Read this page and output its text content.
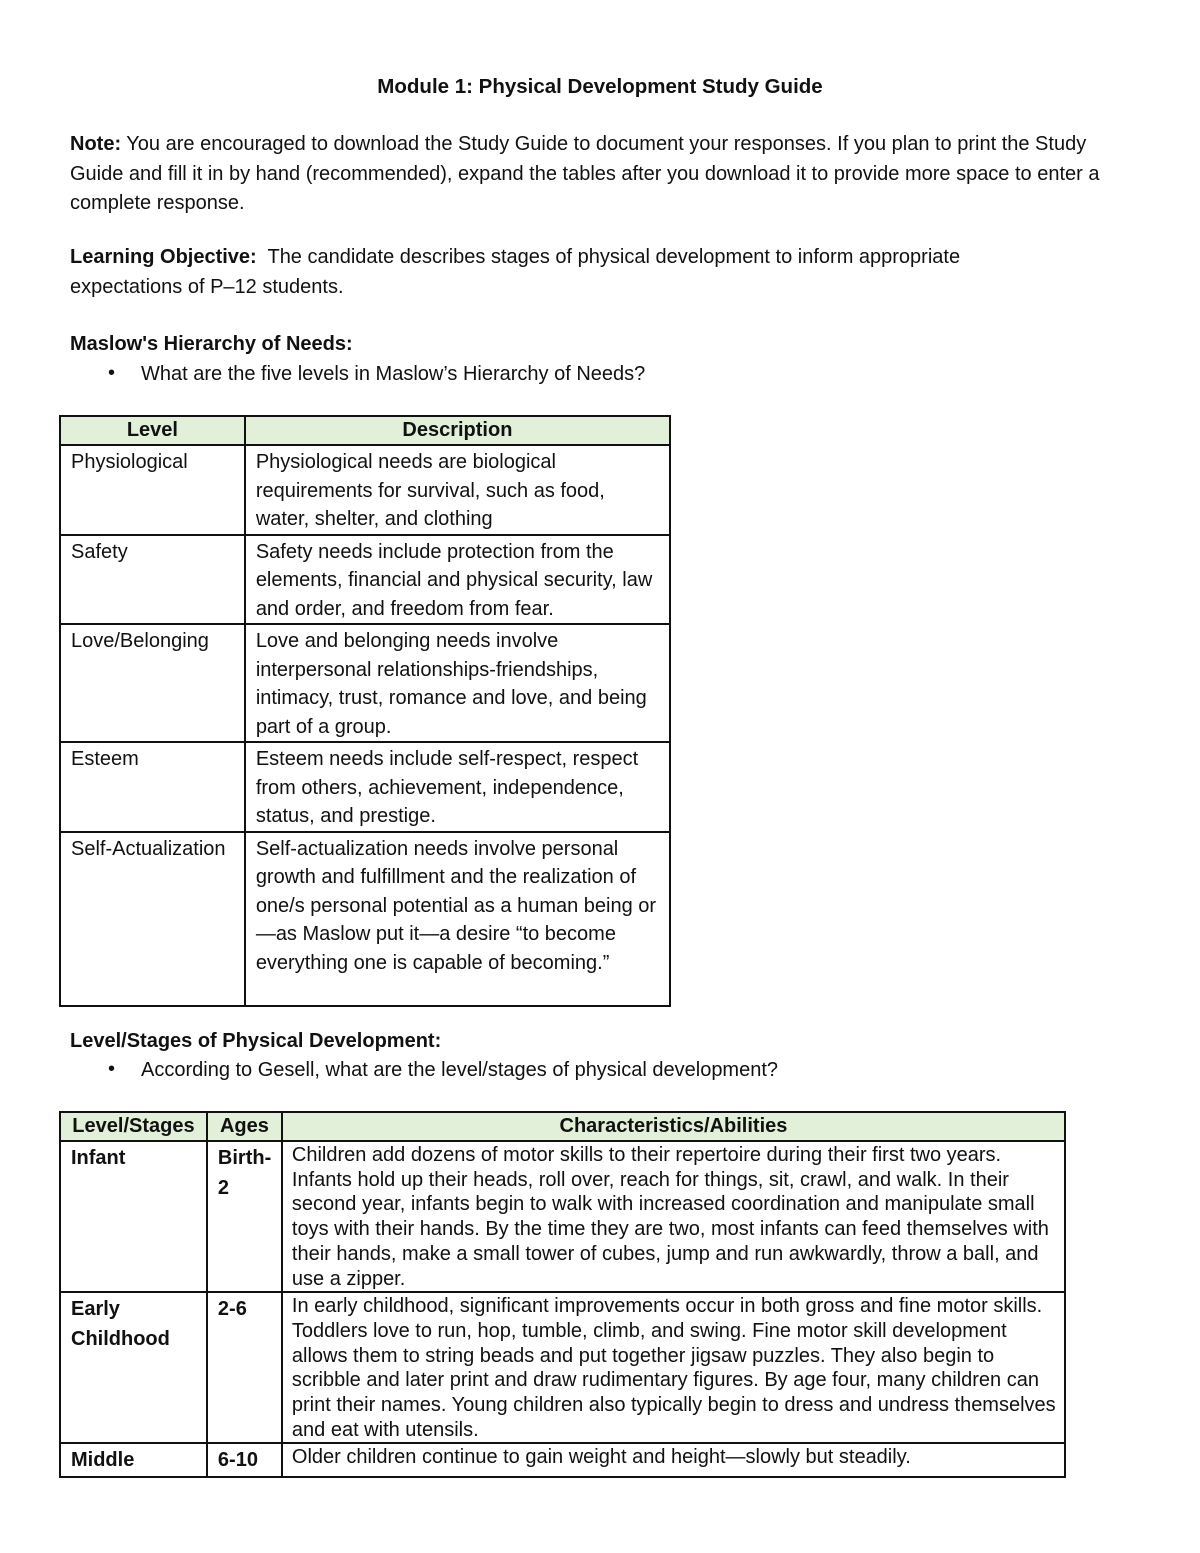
Module 1: Physical Development Study Guide

Note: You are encouraged to download the Study Guide to document your responses. If you plan to print the Study Guide and fill it in by hand (recommended), expand the tables after you download it to provide more space to enter a complete response.

Learning Objective:  The candidate describes stages of physical development to inform appropriate expectations of P–12 students.

Maslow's Hierarchy of Needs:
• What are the five levels in Maslow’s Hierarchy of Needs?
Level	Description
Physiological	Physiological needs are biological requirements for survival, such as food, water, shelter, and clothing
Safety	Safety needs include protection from the elements, financial and physical security, law and order, and freedom from fear.
Love/Belonging	Love and belonging needs involve interpersonal relationships-friendships, intimacy, trust, romance and love, and being part of a group.
Esteem	Esteem needs include self-respect, respect from others, achievement, independence, status, and prestige.
Self-Actualization	Self-actualization needs involve personal growth and fulfillment and the realization of one/s personal potential as a human being or—as Maslow put it—a desire “to become everything one is capable of becoming.”
Level/Stages of Physical Development:
• According to Gesell, what are the level/stages of physical development?
Level/Stages	Ages	Characteristics/Abilities
Infant	Birth-2	Children add dozens of motor skills to their repertoire during their first two years. Infants hold up their heads, roll over, reach for things, sit, crawl, and walk. In their second year, infants begin to walk with increased coordination and manipulate small toys with their hands. By the time they are two, most infants can feed themselves with their hands, make a small tower of cubes, jump and run awkwardly, throw a ball, and use a zipper.
Early Childhood	2-6	In early childhood, significant improvements occur in both gross and fine motor skills. Toddlers love to run, hop, tumble, climb, and swing. Fine motor skill development allows them to string beads and put together jigsaw puzzles. They also begin to scribble and later print and draw rudimentary figures. By age four, many children can print their names. Young children also typically begin to dress and undress themselves and eat with utensils.
Middle	6-10	Older children continue to gain weight and height—slowly but steadily.
